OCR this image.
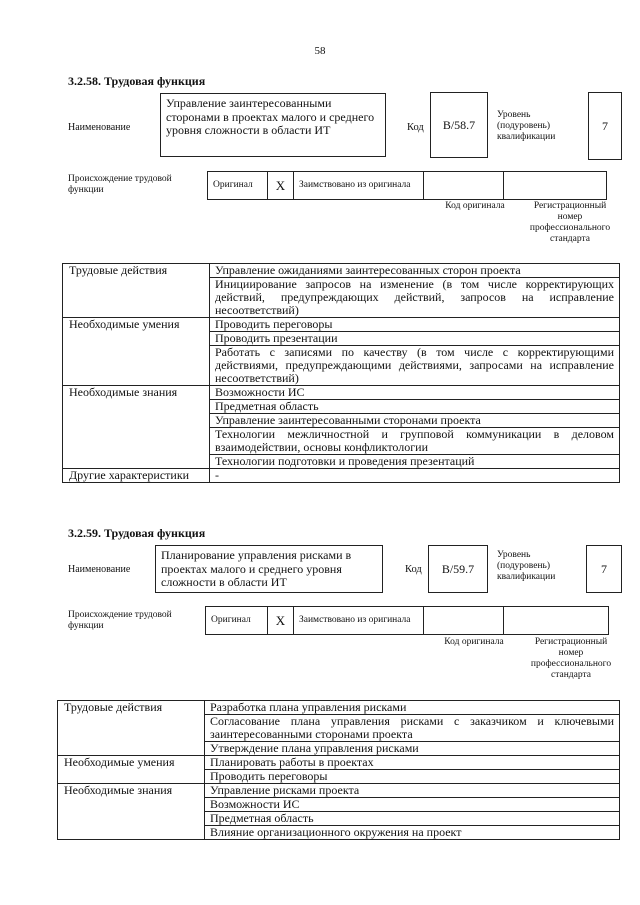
58
3.2.58. Трудовая функция
Наименование
Управление заинтересованными сторонами в проектах малого и среднего уровня сложности в области ИТ	Код B/58.7
Уровень (подуровень) квалификации
7
Происхождение трудовой функции	Оригинал	X	Заимствовано из оригинала		
Код оригинала	Регистрационный номер профессионального стандарта
Трудовые действия	Управление ожиданиями заинтересованных сторон проекта
	Инициирование запросов на изменение (в том числе корректирующих действий, предупреждающих действий, запросов на исправление несоответствий)
Необходимые умения	Проводить переговоры
	Проводить презентации
	Работать с записями по качеству (в том числе с корректирующими действиями, предупреждающими действиями, запросами на исправление несоответствий)
Необходимые знания	Возможности ИС
	Предметная область
	Управление заинтересованными сторонами проекта
	Технологии межличностной и групповой коммуникации в деловом взаимодействии, основы конфликтологии
	Технологии подготовки и проведения презентаций
Другие характеристики	-
3.2.59. Трудовая функция
Наименование
Планирование управления рисками в проектах малого и среднего уровня сложности в области ИТ
Код B/59.7
Уровень (подуровень) квалификации
7
Происхождение трудовой функции
Оригинал	X	Заимствовано из оригинала		
Код оригинала	Регистрационный номер профессионального стандарта
Трудовые действия	Разработка плана управления рисками
	Согласование плана управления рисками с заказчиком и ключевыми заинтересованными сторонами проекта
	Утверждение плана управления рисками
Необходимые умения	Планировать работы в проектах
	Проводить переговоры
Необходимые знания	Управление рисками проекта
	Возможности ИС
	Предметная область
	Влияние организационного окружения на проект
